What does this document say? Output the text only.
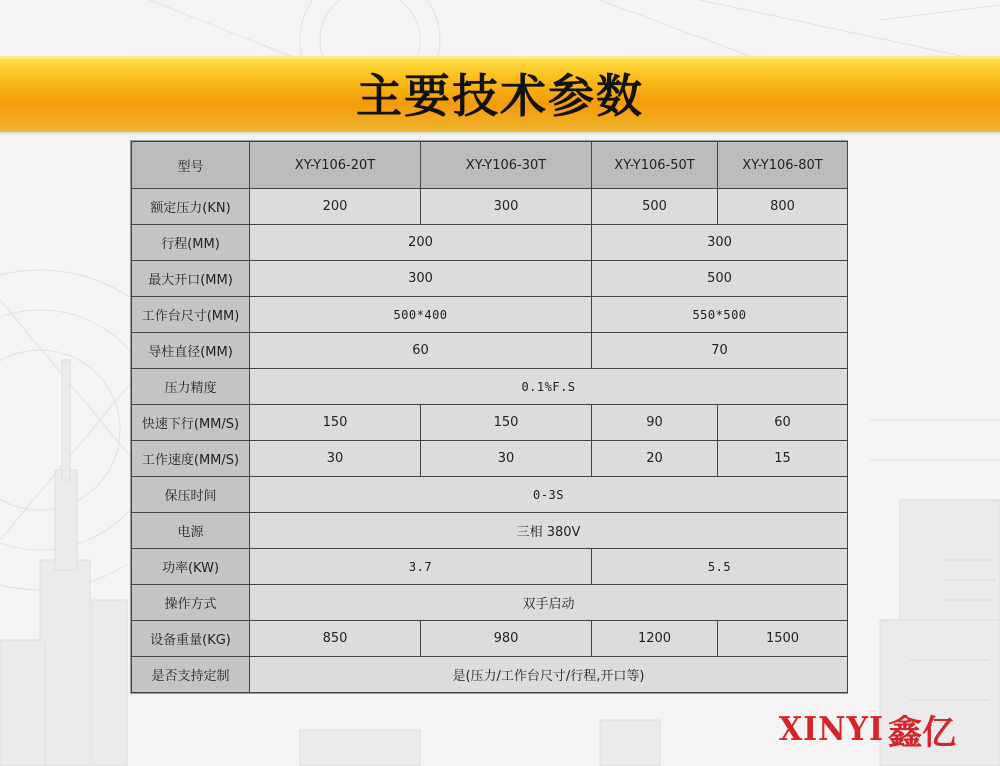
主要技术参数
型号	XY-Y106-20T	XY-Y106-30T	XY-Y106-50T	XY-Y106-80T
额定压力(KN)	200	300	500	800
行程(MM)	200		300	
最大开口(MM)	300		500	
工作台尺寸(MM)	500*400		550*500	
导柱直径(MM)	60		70	
压力精度	0.1%F.S			
快速下行(MM/S)	150	150	90	60
工作速度(MM/S)	30	30	20	15
保压时间	0-3S			
电源	三相 380V			
功率(KW)	3.7		5.5	
操作方式	双手启动			
设备重量(KG)	850	980	1200	1500
是否支持定制	是(压力/工作台尺寸/行程,开口等)			
XINYI 鑫亿
